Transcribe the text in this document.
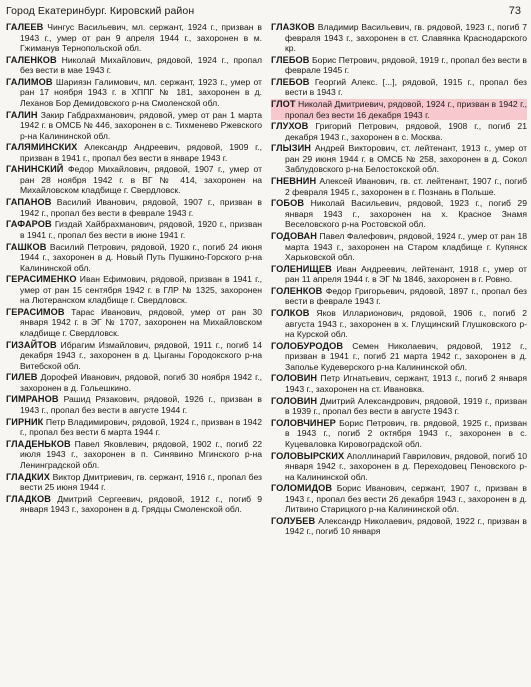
Город Екатеринбург. Кировский район	73

ГАЛЕЕВ Чингус Васильевич, мл. сержант, 1924 г., призван в 1943 г., умер от ран 9 апреля 1944 г., захоронен в м. Гжиманув Тернопольской обл.

ГАЛЕНКОВ Николай Михайлович, рядовой, 1924 г., пропал без вести в мае 1943 г.

ГАЛИМОВ Шариязн Галимович, мл. сержант, 1923 г., умер от ран 17 ноября 1943 г. в ХППГ № 181, захоронен в д. Леханов Бор Демидовского р-на Смоленской обл.

ГАЛИН Закир Габдрахманович, рядовой, умер от ран 1 марта 1942 г. в ОМСБ № 446, захоронен в с. Тихменево Ржевского р-на Калининской обл.

ГАЛЯМИНСКИХ Александр Андреевич, рядовой, 1909 г., призван в 1941 г., пропал без вести в январе 1943 г.

ГАНИНСКИЙ Федор Михайлович, рядовой, 1907 г., умер от ран 28 ноября 1942 г. в ВГ № 414, захоронен на Михайловском кладбище г. Свердловск.

ГАПАНОВ Василий Иванович, рядовой, 1907 г., призван в 1942 г., пропал без вести в феврале 1943 г.

ГАФАРОВ Гиздай Хайбрахманович, рядовой, 1920 г., призван в 1941 г., пропал без вести в июне 1941 г.

ГАШКОВ Василий Петрович, рядовой, 1920 г., погиб 24 июня 1944 г., захоронен в д. Новый Путь Пушкино-Горского р-на Калининской обл.

ГЕРАСИМЕНКО Иван Ефимович, рядовой, призван в 1941 г., умер от ран 15 сентября 1942 г. в ГЛР № 1325, захоронен на Лютеранском кладбище г. Свердловск.

ГЕРАСИМОВ Тарас Иванович, рядовой, умер от ран 30 января 1942 г. в ЭГ № 1707, захоронен на Михайловском кладбище г. Свердловск.

ГИЗАЙТОВ Ибрагим Измайлович, рядовой, 1911 г., погиб 14 декабря 1943 г., захоронен в д. Цыганы Городокского р-на Витебской обл.

ГИЛЕВ Дорофей Иванович, рядовой, погиб 30 ноября 1942 г., захоронен в д. Гольешкино.

ГИМРАНОВ Рашид Рязакович, рядовой, 1926 г., призван в 1943 г., пропал без вести в августе 1944 г.

ГИРНИК Петр Владимирович, рядовой, 1924 г., призван в 1942 г., пропал без вести 6 марта 1944 г.

ГЛАДЕНЬКОВ Павел Яковлевич, рядовой, 1902 г., погиб 22 июля 1943 г., захоронен в п. Синявино Мгинского р-на Ленинградской обл.

ГЛАДКИХ Виктор Дмитриевич, гв. сержант, 1916 г., пропал без вести 25 июня 1944 г.

ГЛАДКОВ Дмитрий Сергеевич, рядовой, 1912 г., погиб 9 января 1943 г., захоронен в д. Грядцы Смоленской обл.

ГЛАЗКОВ Владимир Васильевич, гв. рядовой, 1923 г., погиб 7 февраля 1943 г., захоронен в ст. Славянка Краснодарского кр.

ГЛЕБОВ Борис Петрович, рядовой, 1919 г., пропал без вести в феврале 1945 г.

ГЛЕБОВ Георгий Алекс. [...], рядовой, 1915 г., пропал без вести в 1943 г.

ГЛОТ Николай Дмитриевич, рядовой, 1924 г., призван в 1942 г., пропал без вести 16 декабря 1943 г.

ГЛУХОВ Григорий Петрович, рядовой, 1908 г., погиб 21 декабря 1943 г., захоронен в с. Москва.

ГЛЫЗИН Андрей Викторович, ст. лейтенант, 1913 г., умер от ран 29 июня 1944 г. в ОМСБ № 258, захоронен в д. Сокол Заблудовского р-на Белостокской обл.

ГНЕВНИН Алексей Иванович, гв. ст. лейтенант, 1907 г., погиб 2 февраля 1945 г., захоронен в г. Познань в Польше.

ГОБОВ Николай Васильевич, рядовой, 1923 г., погиб 29 января 1943 г., захоронен на х. Красное Знамя Веселовского р-на Ростовской обл.

ГОДОВАН Павел Фалефович, рядовой, 1924 г., умер от ран 18 марта 1943 г., захоронен на Старом кладбище г. Купянск Харьковской обл.

ГОЛЕНИЩЕВ Иван Андреевич, лейтенант, 1918 г., умер от ран 11 апреля 1944 г. в ЭГ № 1846, захоронен в г. Ровно.

ГОЛЕНКОВ Федор Григорьевич, рядовой, 1897 г., пропал без вести в феврале 1943 г.

ГОЛКОВ Яков Илларионович, рядовой, 1906 г., погиб 2 августа 1943 г., захоронен в х. Глущинский Глушковского р-на Курской обл.

ГОЛОБУРОДОВ Семен Николаевич, рядовой, 1912 г., призван в 1941 г., погиб 21 марта 1942 г., захоронен в д. Заполье Кудеверского р-на Калининской обл.

ГОЛОВИН Петр Игнатьевич, сержант, 1913 г., погиб 2 января 1943 г., захоронен на ст. Ивановка.

ГОЛОВИН Дмитрий Александрович, рядовой, 1919 г., призван в 1939 г., пропал без вести в августе 1943 г.

ГОЛОВЧИНЕР Борис Петрович, гв. рядовой, 1925 г., призван в 1943 г., погиб 2 октября 1943 г., захоронен в с. Куцеваловка Кировоградской обл.

ГОЛОВЫРСКИХ Аполлинарий Гаврилович, рядовой, погиб 10 января 1942 г., захоронен в д. Переходовец Пеновского р-на Калининской обл.

ГОЛОМИДОВ Борис Иванович, сержант, 1907 г., призван в 1943 г., пропал без вести 26 декабря 1943 г., захоронен в д. Литвино Старицкого р-на Калининской обл.

ГОЛУБЕВ Александр Николаевич, рядовой, 1922 г., призван в 1942 г., погиб 10 января
